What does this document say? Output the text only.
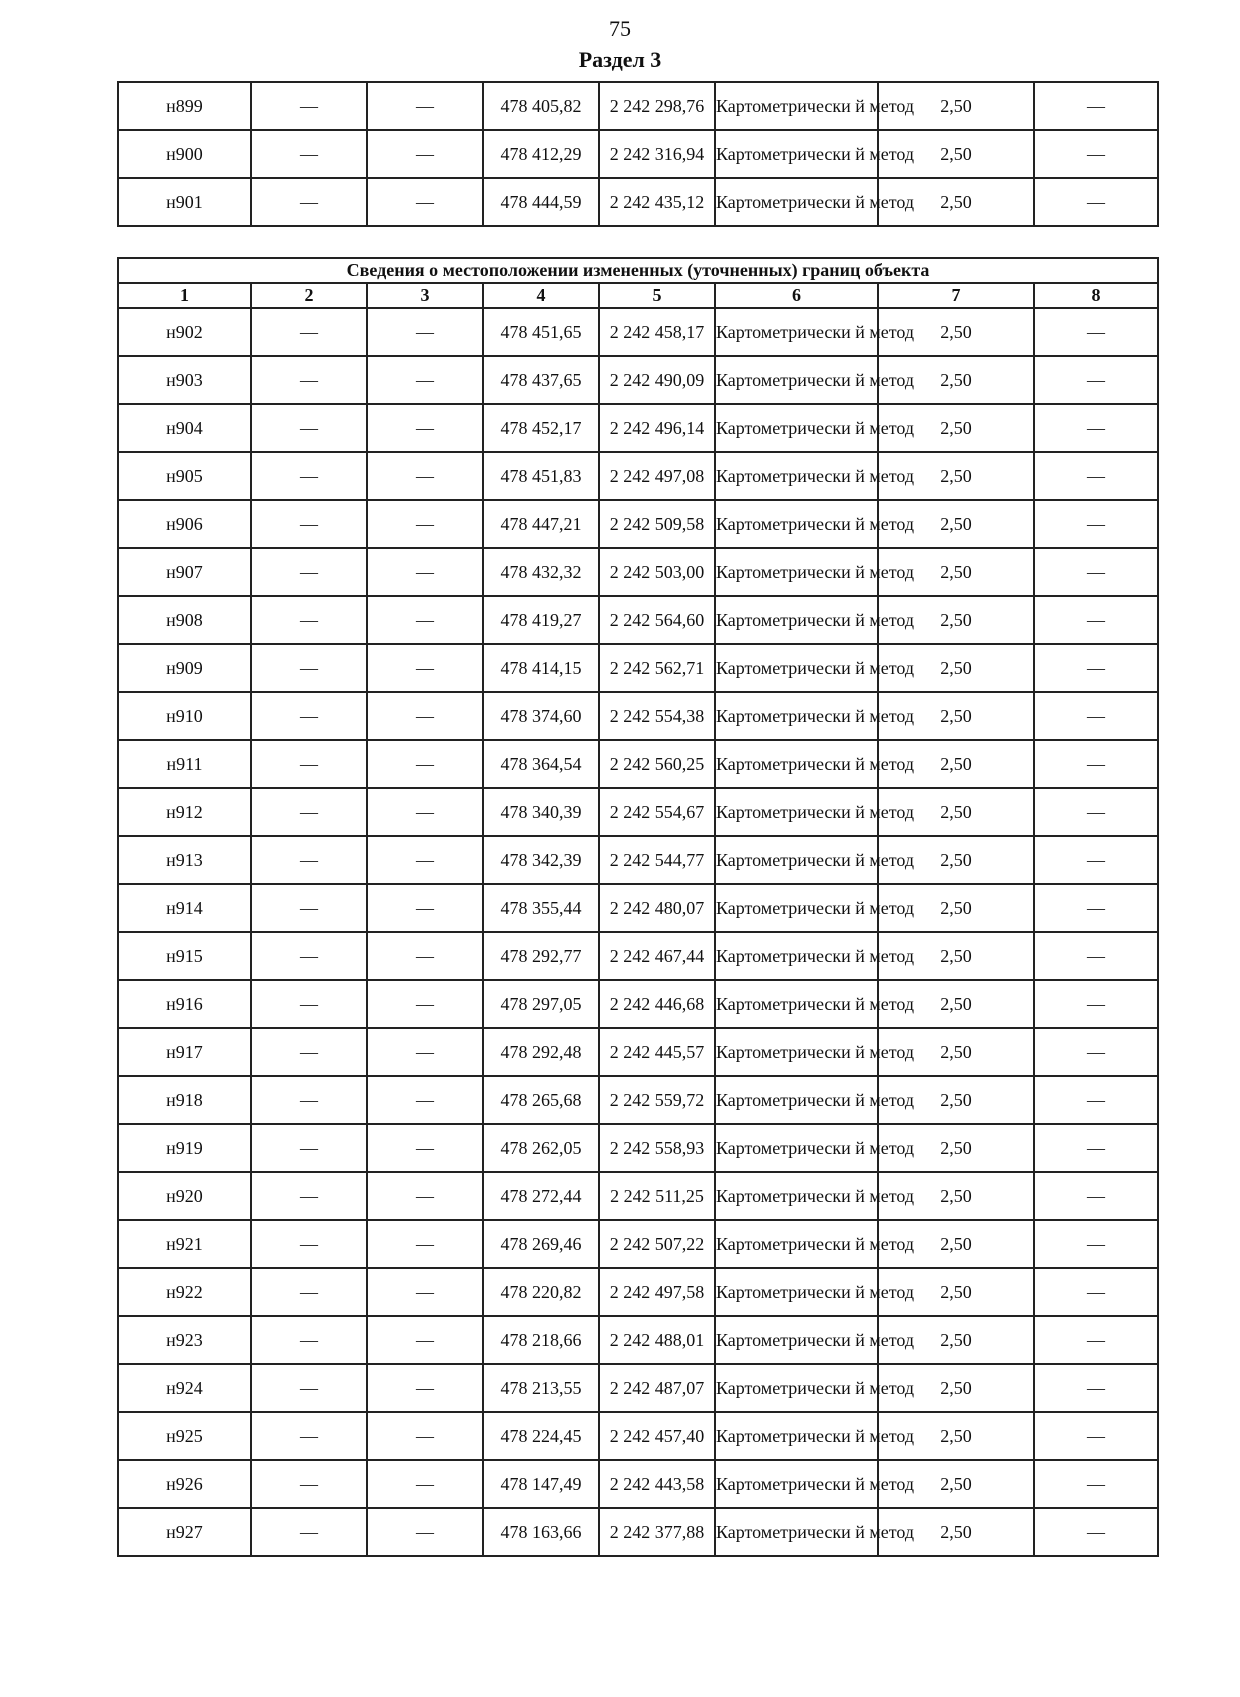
75
Раздел 3
н899	—	—	478 405,82	2 242 298,76	Картометрически й метод	2,50	—
н900	—	—	478 412,29	2 242 316,94	Картометрически й метод	2,50	—
н901	—	—	478 444,59	2 242 435,12	Картометрически й метод	2,50	—
Сведения о местоположении измененных (уточненных) границ объекта							
1	2	3	4	5	6	7	8
н902	—	—	478 451,65	2 242 458,17	Картометрически й метод	2,50	—
н903	—	—	478 437,65	2 242 490,09	Картометрически й метод	2,50	—
н904	—	—	478 452,17	2 242 496,14	Картометрически й метод	2,50	—
н905	—	—	478 451,83	2 242 497,08	Картометрически й метод	2,50	—
н906	—	—	478 447,21	2 242 509,58	Картометрически й метод	2,50	—
н907	—	—	478 432,32	2 242 503,00	Картометрически й метод	2,50	—
н908	—	—	478 419,27	2 242 564,60	Картометрически й метод	2,50	—
н909	—	—	478 414,15	2 242 562,71	Картометрически й метод	2,50	—
н910	—	—	478 374,60	2 242 554,38	Картометрически й метод	2,50	—
н911	—	—	478 364,54	2 242 560,25	Картометрически й метод	2,50	—
н912	—	—	478 340,39	2 242 554,67	Картометрически й метод	2,50	—
н913	—	—	478 342,39	2 242 544,77	Картометрически й метод	2,50	—
н914	—	—	478 355,44	2 242 480,07	Картометрически й метод	2,50	—
н915	—	—	478 292,77	2 242 467,44	Картометрически й метод	2,50	—
н916	—	—	478 297,05	2 242 446,68	Картометрически й метод	2,50	—
н917	—	—	478 292,48	2 242 445,57	Картометрически й метод	2,50	—
н918	—	—	478 265,68	2 242 559,72	Картометрически й метод	2,50	—
н919	—	—	478 262,05	2 242 558,93	Картометрически й метод	2,50	—
н920	—	—	478 272,44	2 242 511,25	Картометрически й метод	2,50	—
н921	—	—	478 269,46	2 242 507,22	Картометрически й метод	2,50	—
н922	—	—	478 220,82	2 242 497,58	Картометрически й метод	2,50	—
н923	—	—	478 218,66	2 242 488,01	Картометрически й метод	2,50	—
н924	—	—	478 213,55	2 242 487,07	Картометрически й метод	2,50	—
н925	—	—	478 224,45	2 242 457,40	Картометрически й метод	2,50	—
н926	—	—	478 147,49	2 242 443,58	Картометрически й метод	2,50	—
н927	—	—	478 163,66	2 242 377,88	Картометрически й метод	2,50	—
